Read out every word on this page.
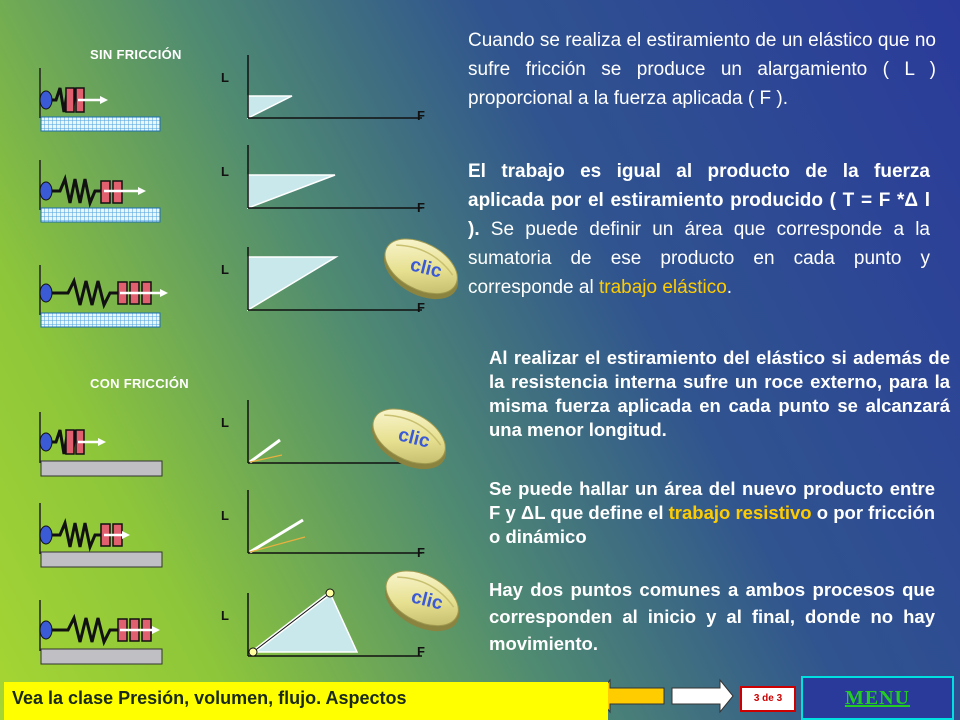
SIN FRICCIÓN
CON FRICCIÓN
L
F
L
F
L
F
L
L
F
L
F
clic
clic
clic
Cuando se realiza el estiramiento de un elástico que no sufre fricción se produce un alargamiento ( L ) proporcional a la fuerza aplicada ( F ).
El trabajo es igual al producto de la fuerza aplicada por el estiramiento producido ( T = F *Δ l ). Se puede definir un área que corresponde a la sumatoria de ese producto en cada punto y corresponde al trabajo elástico.
Al realizar el estiramiento del elástico si además de la resistencia interna sufre un roce externo, para la misma fuerza aplicada en cada punto se alcanzará una menor longitud.
Se puede hallar un área del nuevo producto entre F y ΔL que define el trabajo resistivo o por fricción o dinámico
Hay dos puntos comunes a ambos procesos que corresponden al inicio y al final, donde no hay movimiento.
Vea la clase Presión, volumen, flujo. Aspectos	3 de 3	MENU
